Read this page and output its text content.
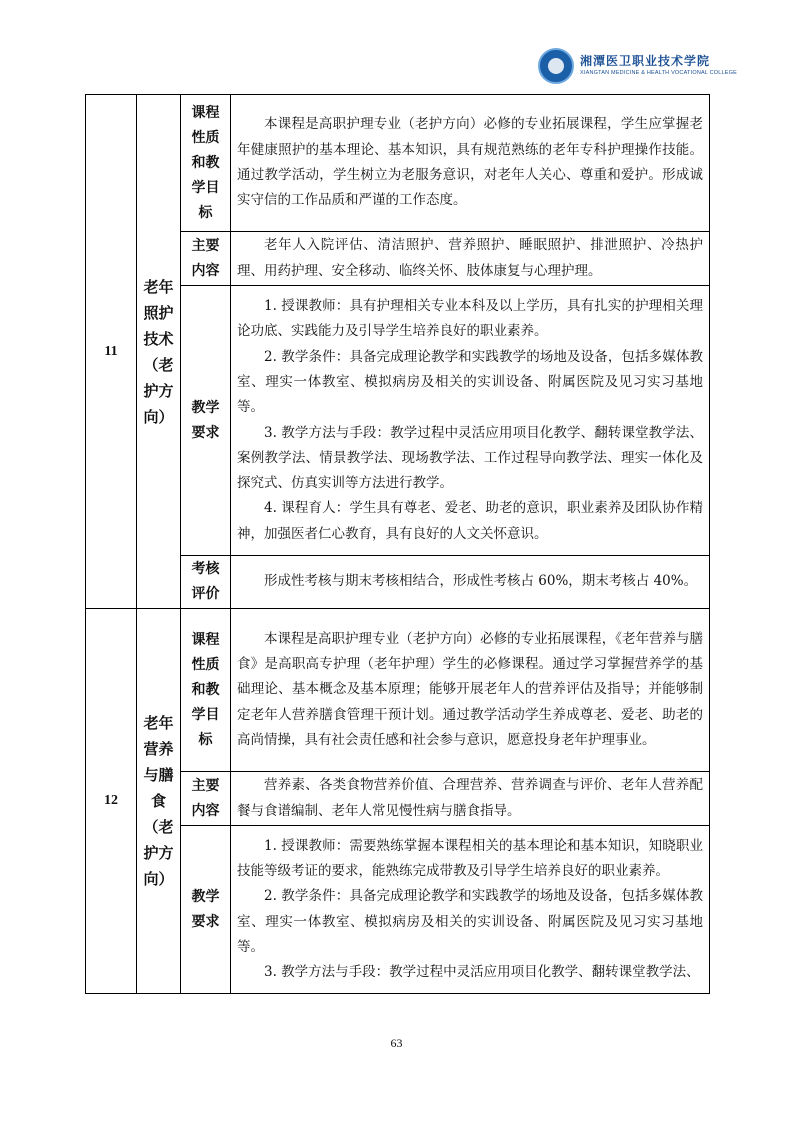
湘潭医卫职业技术学院
XIANGTAN MEDICINE & HEALTH VOCATIONAL COLLEGE
11	老年照护技术（老护方向）	课程性质和教学目标	本课程是高职护理专业（老护方向）必修的专业拓展课程，学生应掌握老年健康照护的基本理论、基本知识，具有规范熟练的老年专科护理操作技能。通过教学活动，学生树立为老服务意识，对老年人关心、尊重和爱护。形成诚实守信的工作品质和严谨的工作态度。

		主要内容	老年人入院评估、清洁照护、营养照护、睡眠照护、排泄照护、冷热护理、用药护理、安全移动、临终关怀、肢体康复与心理护理。

		教学要求	1. 授课教师：具有护理相关专业本科及以上学历，具有扎实的护理相关理论功底、实践能力及引导学生培养良好的职业素养。

2. 教学条件：具备完成理论教学和实践教学的场地及设备，包括多媒体教室、理实一体教室、模拟病房及相关的实训设备、附属医院及见习实习基地等。

3. 教学方法与手段：教学过程中灵活应用项目化教学、翻转课堂教学法、案例教学法、情景教学法、现场教学法、工作过程导向教学法、理实一体化及探究式、仿真实训等方法进行教学。

4. 课程育人：学生具有尊老、爱老、助老的意识，职业素养及团队协作精神，加强医者仁心教育，具有良好的人文关怀意识。

		考核评价	形成性考核与期末考核相结合，形成性考核占 60%，期末考核占 40%。

12	老年营养与膳食（老护方向）	课程性质和教学目标	本课程是高职护理专业（老护方向）必修的专业拓展课程，《老年营养与膳食》是高职高专护理（老年护理）学生的必修课程。通过学习掌握营养学的基础理论、基本概念及基本原理；能够开展老年人的营养评估及指导；并能够制定老年人营养膳食管理干预计划。通过教学活动学生养成尊老、爱老、助老的高尚情操，具有社会责任感和社会参与意识，愿意投身老年护理事业。

		主要内容	营养素、各类食物营养价值、合理营养、营养调查与评价、老年人营养配餐与食谱编制、老年人常见慢性病与膳食指导。

		教学要求	1. 授课教师：需要熟练掌握本课程相关的基本理论和基本知识，知晓职业技能等级考证的要求，能熟练完成带教及引导学生培养良好的职业素养。

2. 教学条件：具备完成理论教学和实践教学的场地及设备，包括多媒体教室、理实一体教室、模拟病房及相关的实训设备、附属医院及见习实习基地等。

3. 教学方法与手段：教学过程中灵活应用项目化教学、翻转课堂教学法、

63
